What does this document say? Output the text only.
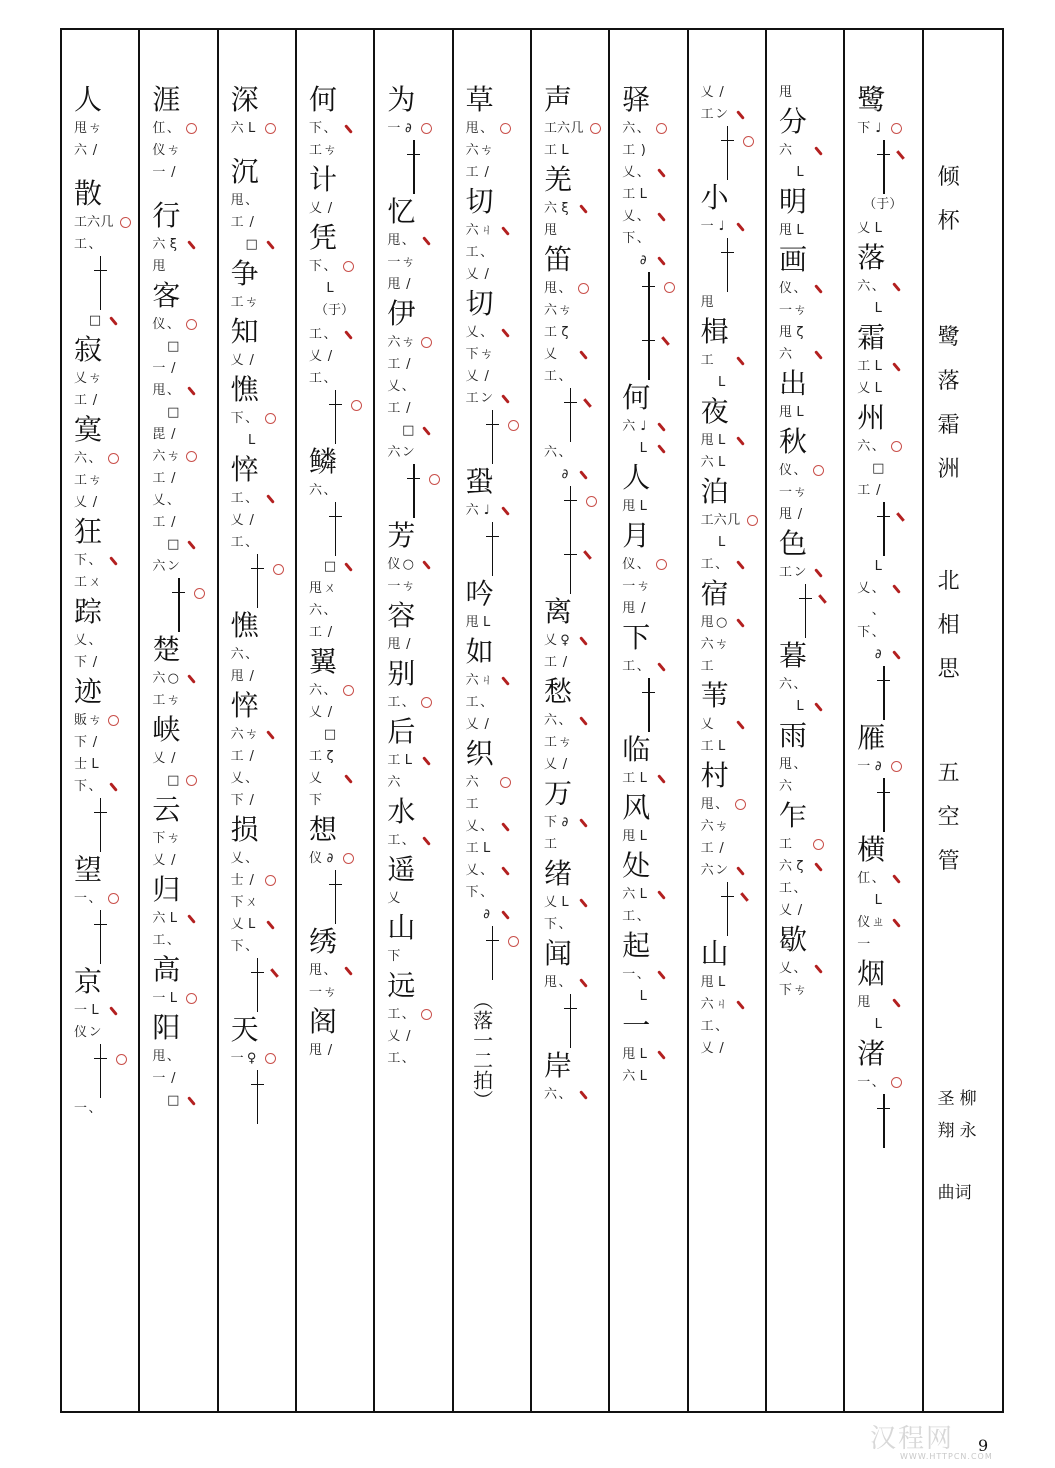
人
甩ㄘ
六 /
散
工六几
工、
□
寂
乂ㄘ
工 /
寞
六、
工ㄘ
乂 /
狂
下、
工ㄨ
踪
乂、
下 /
迹
販ㄘ
下 /
士 L
下、
望
一、
京
一 L
仪ン
一、
涯
仜、
仪ㄘ
一 /
行
六 ξ
甩
客
仪、
□
一 /
甩、
□
毘 /
六ㄘ
工 /
乂、
工 /
□
六ン
楚
六 ○
工ㄘ
峡
乂 /
□
云
下ㄘ
乂 /
归
六 L
工、
高
一 L
阳
甩、
一 /
□
深
六 L
沉
甩、
工 /
□
争
工ㄘ
知
乂 /
憔
下、
L
悴
工、
乂 /
工、
憔
六、
甩 /
悴
六ㄘ
工 /
乂、
下 /
损
乂、
士 /
下ㄨ
乂 L
下、
天
一 ♀
何
下、
工ㄘ
计
乂 /
凭
下、
L
（于）
工、
乂 /
工、
鳞
六、
□
甩ㄨ
六、
工 /
翼
六、
乂 /
□
工 ζ
乂
下
想
仪 ∂
绣
甩、
一ㄘ
阁
甩 /
为
一 ∂
忆
甩、
一ㄘ
甩 /
伊
六ㄘ
工 /
乂、
工 /
□
六ン
芳
仪 ○
一ㄘ
容
甩 /
别
工、
后
工 L
六
水
工、
遥
乂
山
下
远
工、
乂 /
工、
草
甩、
六ㄘ
工 /
切
六ㄐ
工、
乂 /
切
乂、
下ㄘ
乂 /
工ン
蛩
六 ♩
吟
甩 L
如
六ㄐ
工、
乂 /
织
六
工
乂、
工 L
乂、
下、
∂
（落一二拍）
声
工六几
工 L
羌
六 ξ
甩
笛
甩、
六ㄘ
工 ζ
乂
工、
六、
∂
离
乂 ♀
工 /
愁
六、
工ㄘ
乂 /
万
下 ∂
工
绪
乂 L
下、
闻
甩、
岸
六、
驿
六、
工 )
乂、
工 L
乂、
下、
∂
何
六 ♩
L
人
甩 L
月
仪、
一ㄘ
甩 /
下
工、
临
工 L
风
甩 L
处
六 L
工、
起
一、
L
一
甩 L
六 L
乂 /
工ン
小
一 ♩
甩
楫
工
L
夜
甩 L
六 L
泊
工六几
L
工、
宿
甩 ○
六ㄘ
工
苇
乂
工 L
村
甩、
六ㄘ
工 /
六ン
山
甩 L
六ㄐ
工、
乂 /
甩
分
六
L
明
甩 L
画
仪、
一ㄘ
甩 ζ
六
出
甩 L
秋
仪、
一ㄘ
甩 /
色
工ン
暮
六、
L
雨
甩、
六
乍
工
六 ζ
工、
乂 /
歇
乂、
下ㄘ
鹭
下 ♩
（于）
乂 L
落
六、
L
霜
工 L
乂 L
州
六、
□
工 /
L
乂、
、
下、
∂
雁
一 ∂
横
仜、
L
仪ㄓ
一
烟
甩
L
渚
一、
倾杯
鹭落霜洲
北相思
五空管
圣 柳
翔 永
曲词
汉程网
WWW.HTTPCN.COM
9
